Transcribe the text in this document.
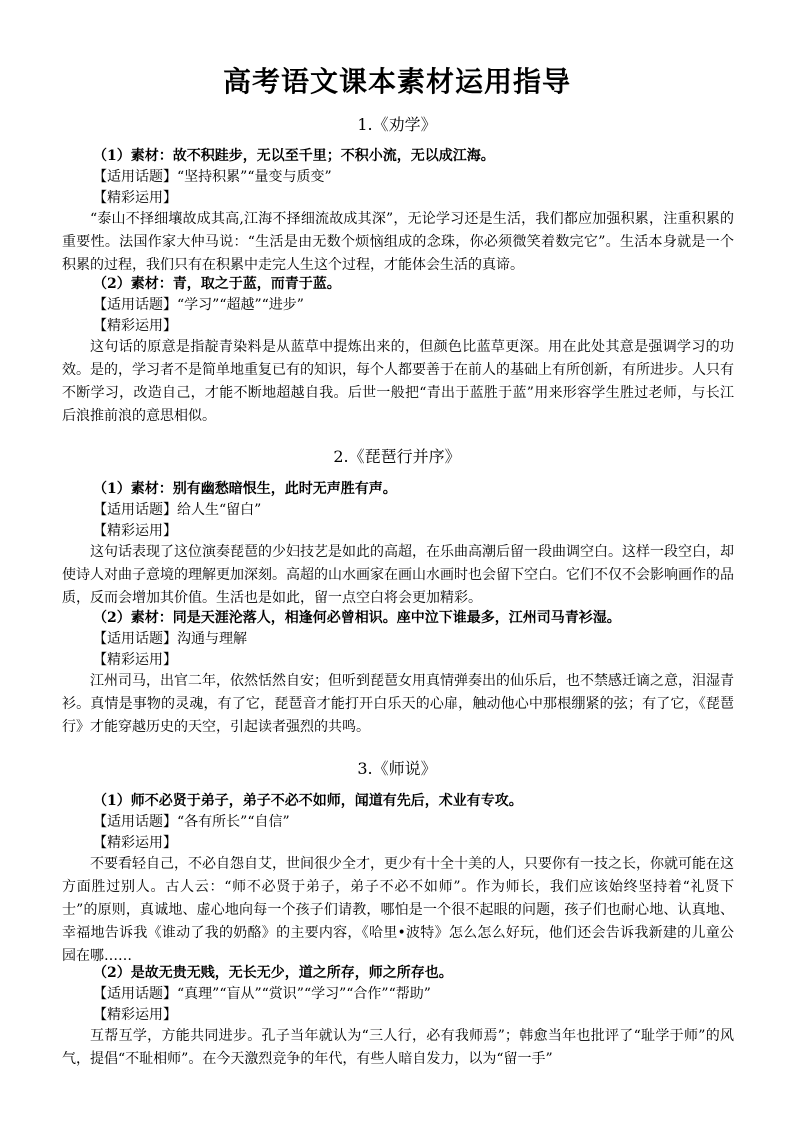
高考语文课本素材运用指导
1.《劝学》
（1）素材：故不积跬步，无以至千里；不积小流，无以成江海。
【适用话题】“坚持积累”“量变与质变”
【精彩运用】
“泰山不择细壤故成其高,江海不择细流故成其深”，无论学习还是生活，我们都应加强积累，注重积累的重要性。法国作家大仲马说：“生活是由无数个烦恼组成的念珠，你必须微笑着数完它”。生活本身就是一个积累的过程，我们只有在积累中走完人生这个过程，才能体会生活的真谛。
（2）素材：青，取之于蓝，而青于蓝。
【适用话题】“学习”“超越”“进步”
【精彩运用】
这句话的原意是指靛青染料是从蓝草中提炼出来的，但颜色比蓝草更深。用在此处其意是强调学习的功效。是的，学习者不是简单地重复已有的知识，每个人都要善于在前人的基础上有所创新，有所进步。人只有不断学习，改造自己，才能不断地超越自我。后世一般把“青出于蓝胜于蓝”用来形容学生胜过老师，与长江后浪推前浪的意思相似。
2.《琵琶行并序》
（1）素材：别有幽愁暗恨生，此时无声胜有声。
【适用话题】给人生“留白”
【精彩运用】
这句话表现了这位演奏琵琶的少妇技艺是如此的高超，在乐曲高潮后留一段曲调空白。这样一段空白，却使诗人对曲子意境的理解更加深刻。高超的山水画家在画山水画时也会留下空白。它们不仅不会影响画作的品质，反而会增加其价值。生活也是如此，留一点空白将会更加精彩。
（2）素材：同是天涯沦落人，相逢何必曾相识。座中泣下谁最多，江州司马青衫湿。
【适用话题】沟通与理解
【精彩运用】
江州司马，出官二年，依然恬然自安；但听到琵琶女用真情弹奏出的仙乐后，也不禁感迁谪之意，泪湿青衫。真情是事物的灵魂，有了它，琵琶音才能打开白乐天的心扉，触动他心中那根绷紧的弦；有了它，《琵琶行》才能穿越历史的天空，引起读者强烈的共鸣。
3.《师说》
（1）师不必贤于弟子，弟子不必不如师，闻道有先后，术业有专攻。
【适用话题】“各有所长”“自信”
【精彩运用】
不要看轻自己，不必自怨自艾，世间很少全才，更少有十全十美的人，只要你有一技之长，你就可能在这方面胜过别人。古人云：“师不必贤于弟子，弟子不必不如师”。作为师长，我们应该始终坚持着“礼贤下士”的原则，真诚地、虚心地向每一个孩子们请教，哪怕是一个很不起眼的问题，孩子们也耐心地、认真地、幸福地告诉我《谁动了我的奶酪》的主要内容，《哈里•波特》怎么怎么好玩，他们还会告诉我新建的儿童公园在哪……
（2）是故无贵无贱，无长无少，道之所存，师之所存也。
【适用话题】“真理”“盲从”“赏识”“学习”“合作”“帮助”
【精彩运用】
互帮互学，方能共同进步。孔子当年就认为“三人行，必有我师焉”；韩愈当年也批评了“耻学于师”的风气，提倡“不耻相师”。在今天激烈竞争的年代，有些人暗自发力，以为“留一手”
